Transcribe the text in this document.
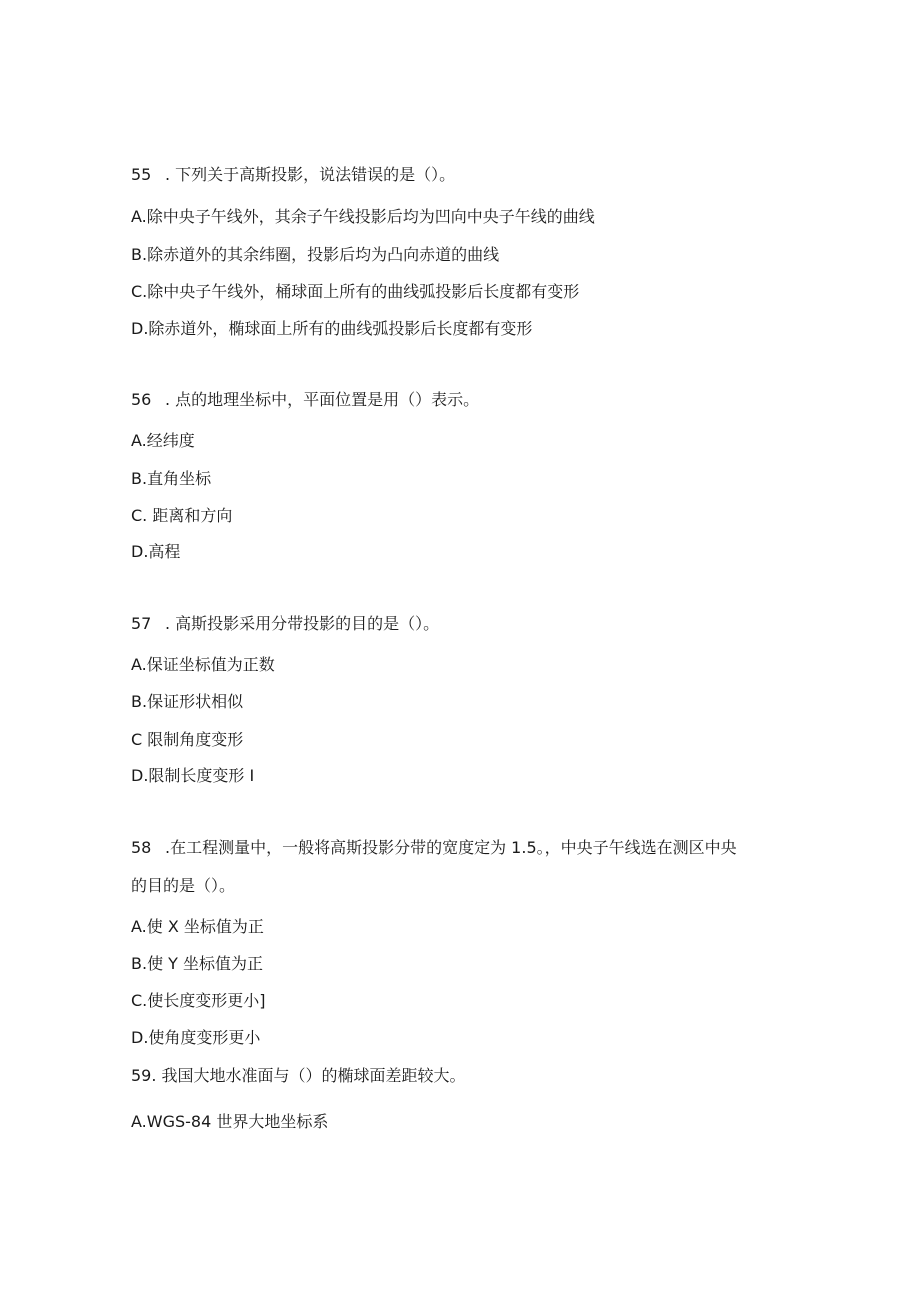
55 . 下列关于高斯投影，说法错误的是（）。
A.除中央子午线外，其余子午线投影后均为凹向中央子午线的曲线
B.除赤道外的其余纬圈，投影后均为凸向赤道的曲线
C.除中央子午线外，桶球面上所有的曲线弧投影后长度都有变形
D.除赤道外，椭球面上所有的曲线弧投影后长度都有变形
56 . 点的地理坐标中，平面位置是用（）表示。
A.经纬度
B.直角坐标
C. 距离和方向
D.高程
57 . 高斯投影采用分带投影的目的是（）。
A.保证坐标值为正数
B.保证形状相似
C 限制角度变形
D.限制长度变形 I
58 .在工程测量中，一般将高斯投影分带的宽度定为 1.5。，中央子午线选在测区中央
的目的是（）。
A.使 X 坐标值为正
B.使 Y 坐标值为正
C.使长度变形更小]
D.使角度变形更小
59. 我国大地水准面与（）的椭球面差距较大。
A.WGS-84 世界大地坐标系
